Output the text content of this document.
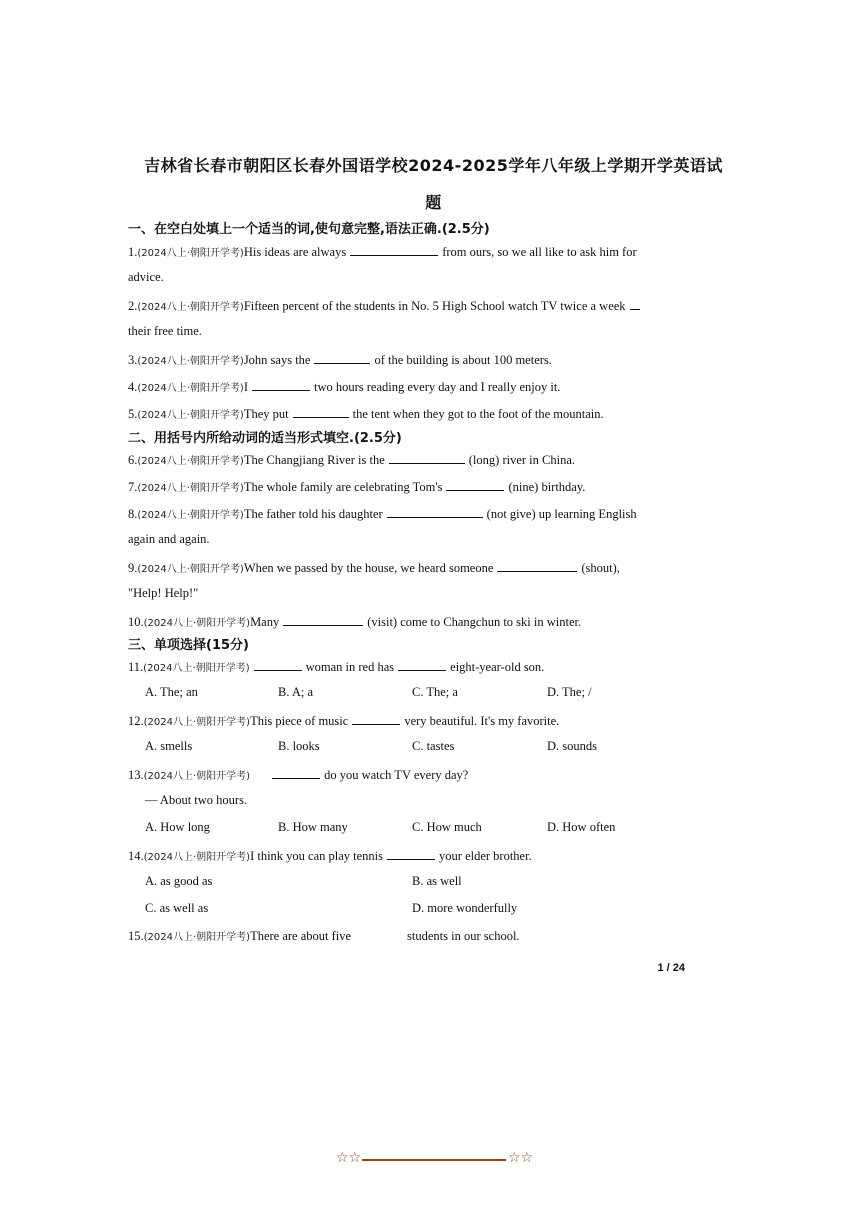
吉林省长春市朝阳区长春外国语学校2024-2025学年八年级上学期开学英语试
题
一、在空白处填上一个适当的词,使句意完整,语法正确.(2.5分)
1.(2024八上·朝阳开学考)His ideas are always	from ours, so we all like to ask him for
advice.
2.(2024八上·朝阳开学考)Fifteen percent of the students in No. 5 High School watch TV twice a week
their free time.
3.(2024八上·朝阳开学考)John says the	of the building is about 100 meters.
4.(2024八上·朝阳开学考)I	two hours reading every day and I really enjoy it.
5.(2024八上·朝阳开学考)They put	the tent when they got to the foot of the mountain.
二、用括号内所给动词的适当形式填空.(2.5分)
6.(2024八上·朝阳开学考)The Changjiang River is the	(long) river in China.
7.(2024八上·朝阳开学考)The whole family are celebrating Tom's	(nine) birthday.
8.(2024八上·朝阳开学考)The father told his daughter	(not give) up learning English
again and again.
9.(2024八上·朝阳开学考)When we passed by the house, we heard someone	(shout),
"Help! Help!"
10.(2024八上·朝阳开学考)Many	(visit) come to Changchun to ski in winter.
三、单项选择(15分)
11.(2024八上·朝阳开学考)	woman in red has	eight-year-old son.
A. The; an	B. A; a	C. The; a	D. The; /
12.(2024八上·朝阳开学考)This piece of music	very beautiful. It's my favorite.
A. smells	B. looks	C. tastes	D. sounds
13.(2024八上·朝阳开学考)	do you watch TV every day?
— About two hours.
A. How long	B. How many	C. How much	D. How often
14.(2024八上·朝阳开学考)I think you can play tennis	your elder brother.
A. as good as	B. as well
C. as well as	D. more wonderfully
15.(2024八上·朝阳开学考)There are about five	students in our school.
1 / 24
☆☆	☆☆
